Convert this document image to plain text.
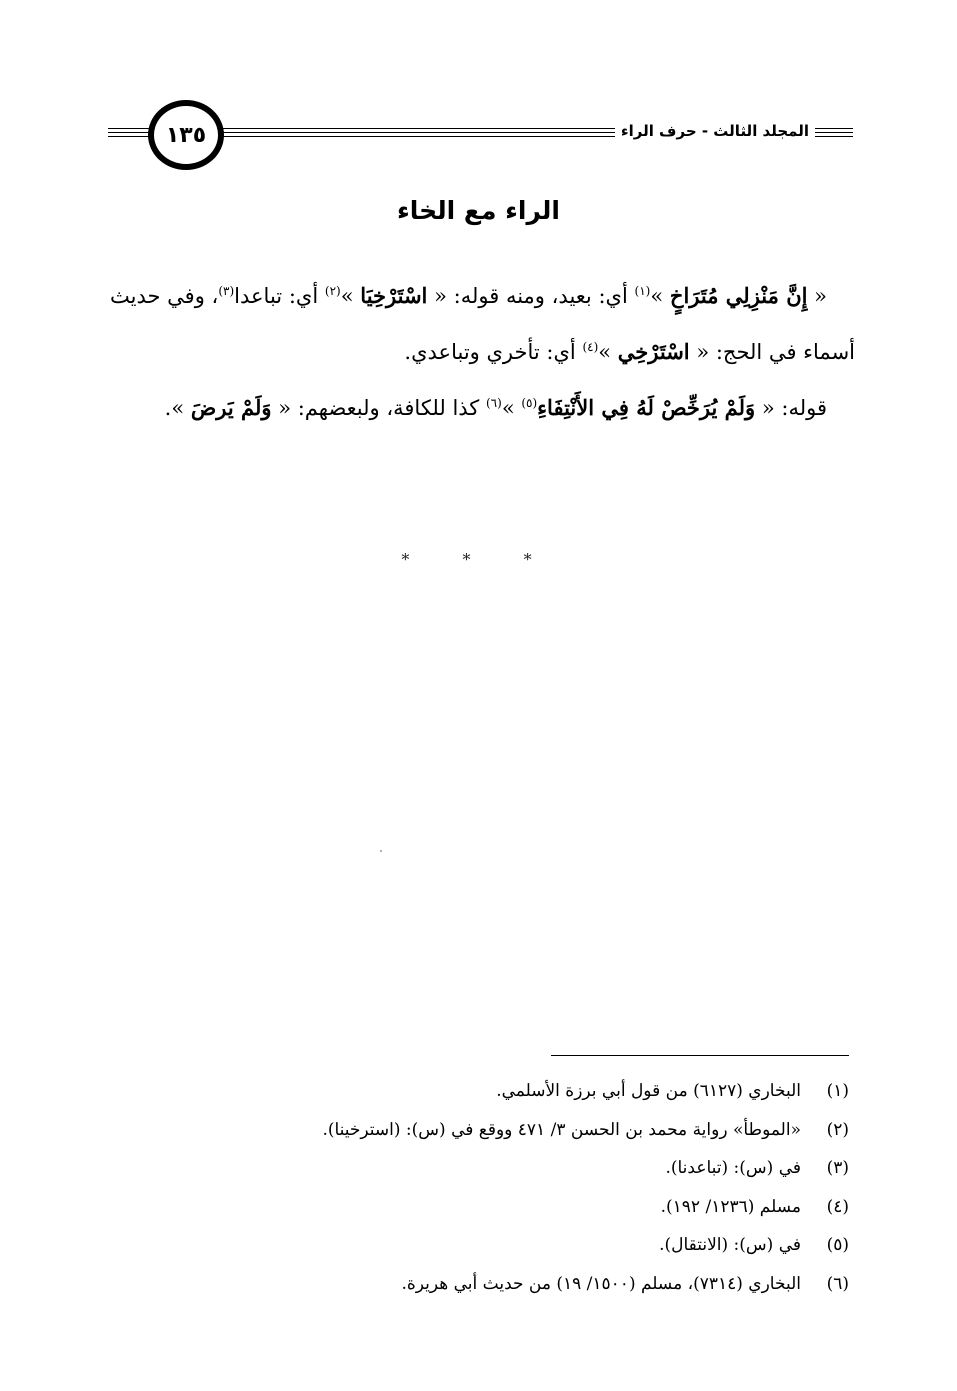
١٣٥	المجلد الثالث - حرف الراء
الراء مع الخاء

« إِنَّ مَنْزِلِي مُتَرَاخٍ »$^{(١)}$ أي: بعيد، ومنه قوله: « اسْتَرْخِيَا »$^{(٢)}$ أي: تباعدا$^{(٣)}$، وفي حديث أسماء في الحج: « اسْتَرْخِي »$^{(٤)}$ أي: تأخري وتباعدي.

قوله: « وَلَمْ يُرَخِّصْ لَهُ فِي الأَنْتِفَاءِ$^{(٥)}$ »$^{(٦)}$ كذا للكافة، ولبعضهم: « وَلَمْ يَرضَ ».

* * *
(١)
البخاري (٦١٢٧) من قول أبي برزة الأسلمي.
(٢)
«الموطأ» رواية محمد بن الحسن ٣/ ٤٧١ ووقع في (س): (استرخينا).
(٣)
في (س): (تباعدنا).
(٤)
مسلم (١٢٣٦/ ١٩٢).
(٥)
في (س): (الانتقال).
(٦)
البخاري (٧٣١٤)، مسلم (١٥٠٠/ ١٩) من حديث أبي هريرة.
